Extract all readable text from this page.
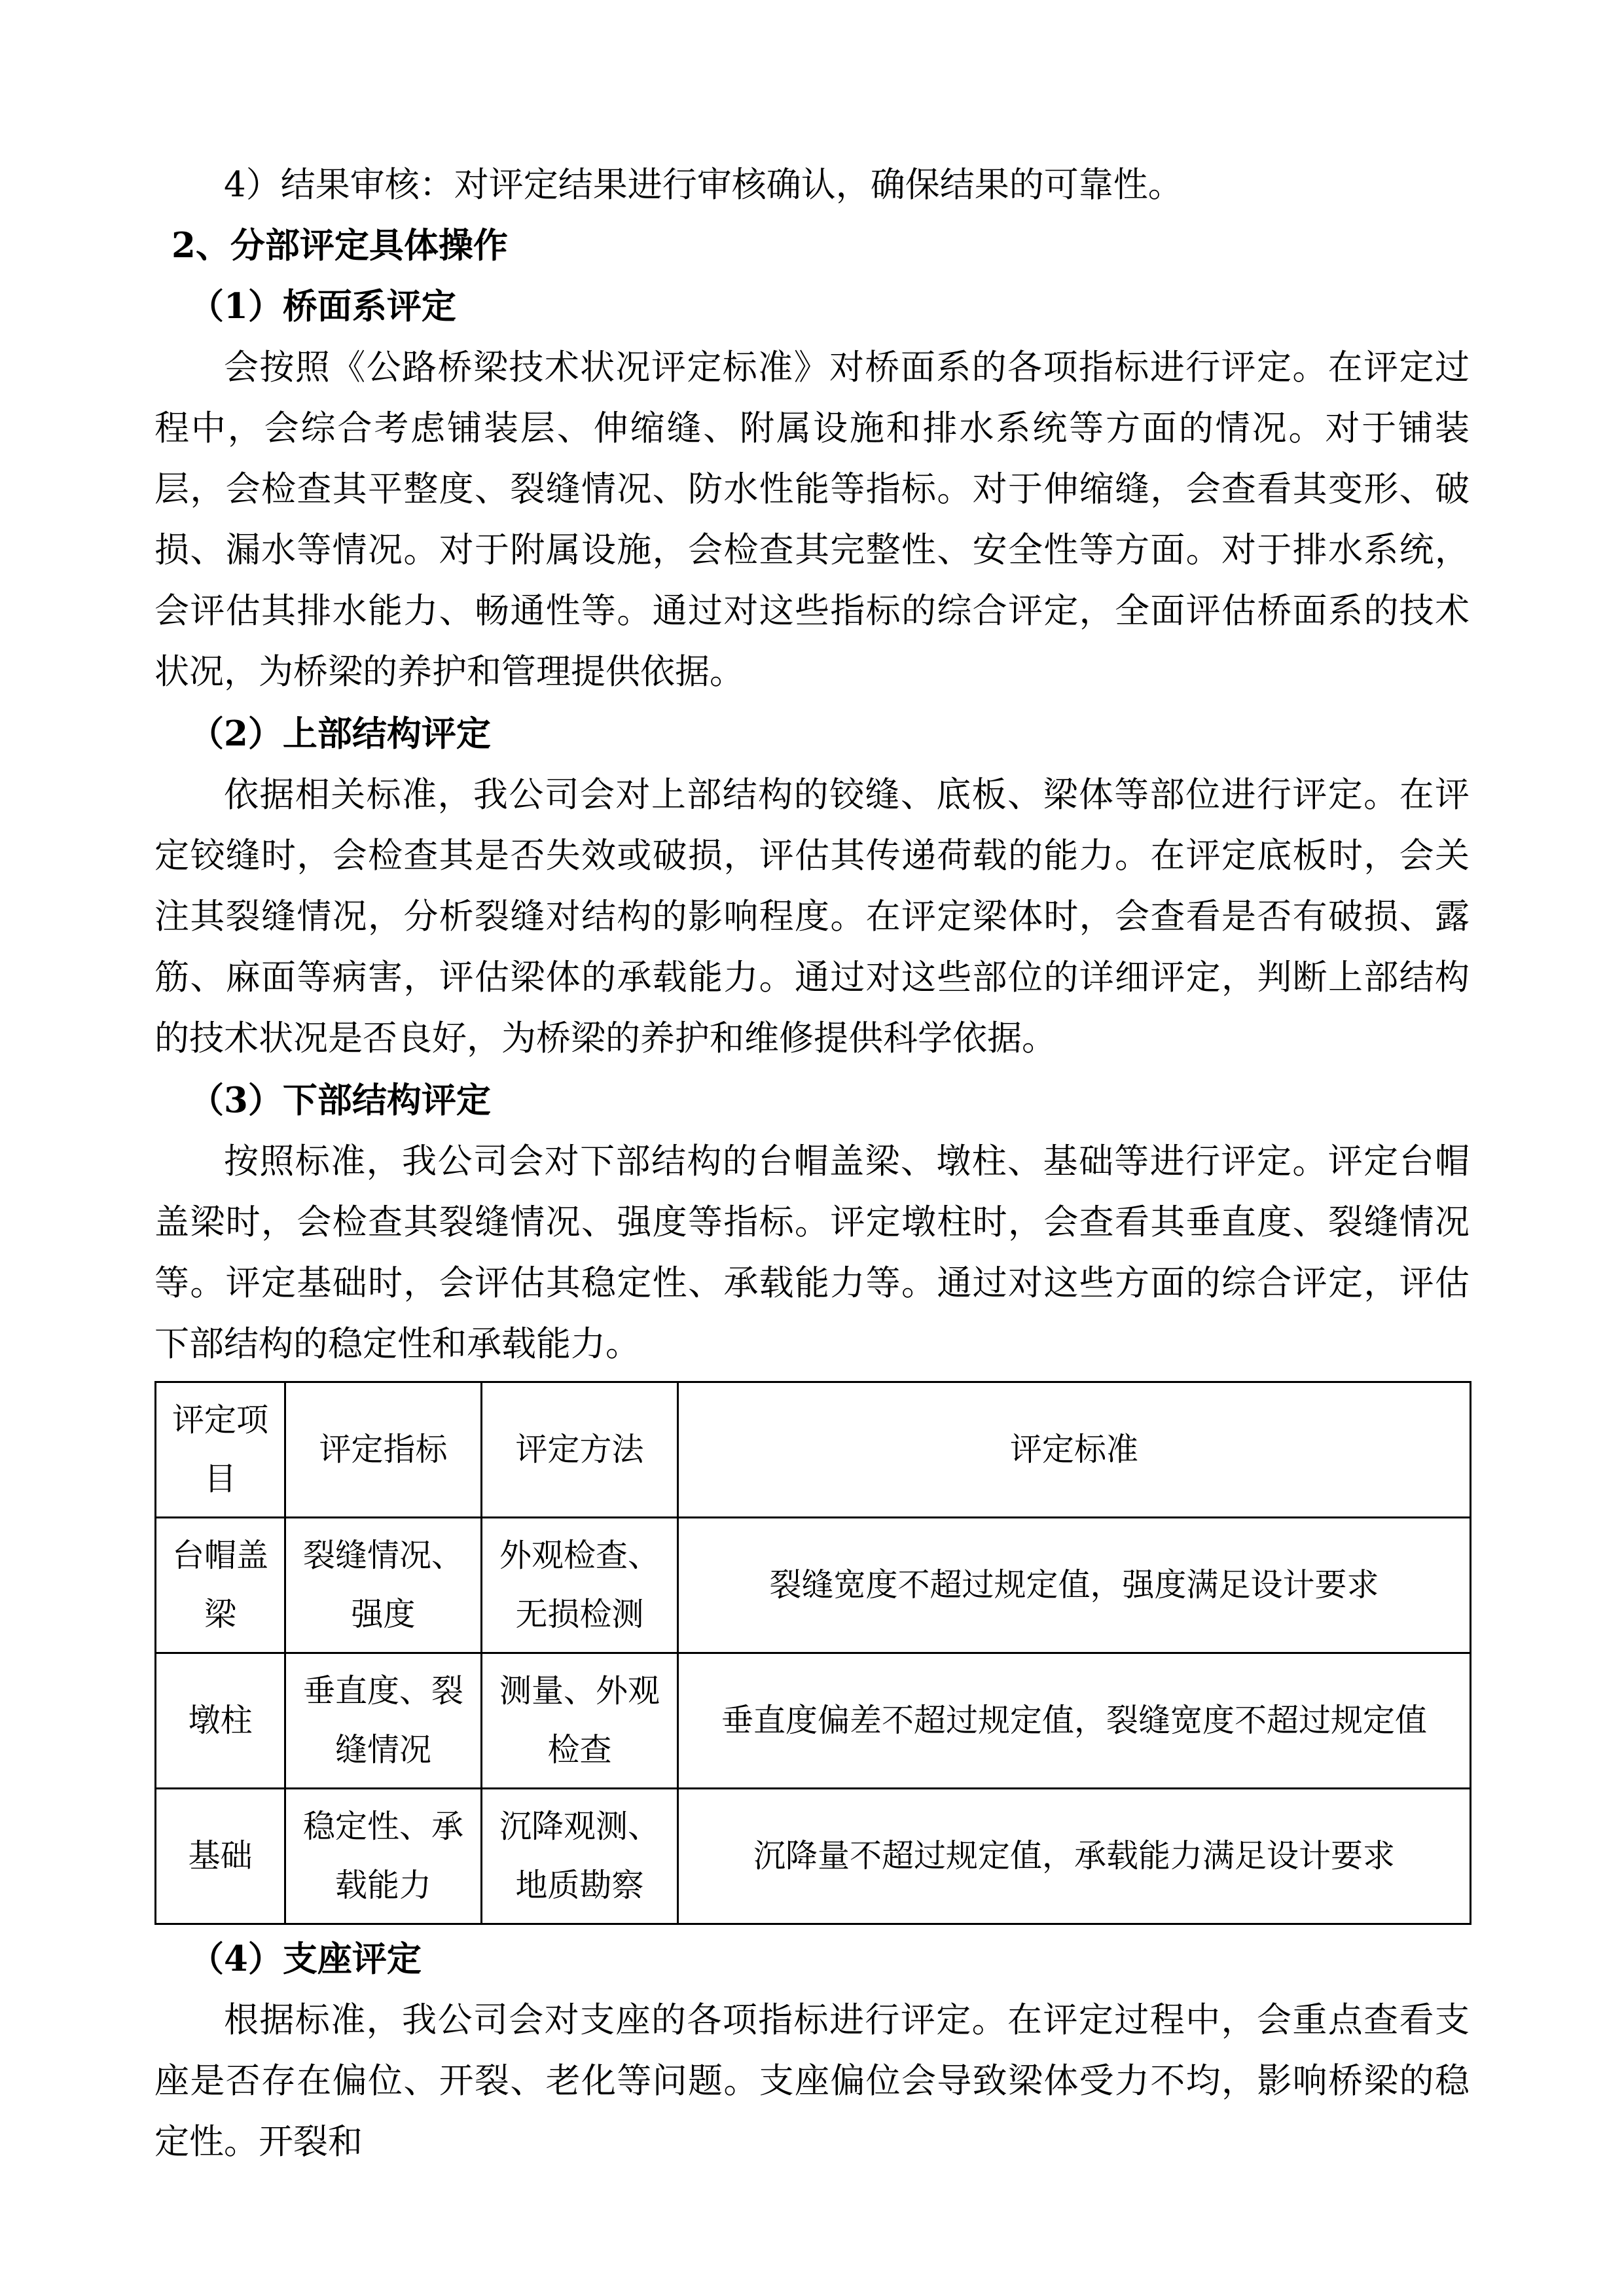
4）结果审核：对评定结果进行审核确认，确保结果的可靠性。

2、分部评定具体操作

（1）桥面系评定

会按照《公路桥梁技术状况评定标准》对桥面系的各项指标进行评定。在评定过程中，会综合考虑铺装层、伸缩缝、附属设施和排水系统等方面的情况。对于铺装层，会检查其平整度、裂缝情况、防水性能等指标。对于伸缩缝，会查看其变形、破损、漏水等情况。对于附属设施，会检查其完整性、安全性等方面。对于排水系统，会评估其排水能力、畅通性等。通过对这些指标的综合评定，全面评估桥面系的技术状况，为桥梁的养护和管理提供依据。

（2）上部结构评定

依据相关标准，我公司会对上部结构的铰缝、底板、梁体等部位进行评定。在评定铰缝时，会检查其是否失效或破损，评估其传递荷载的能力。在评定底板时，会关注其裂缝情况，分析裂缝对结构的影响程度。在评定梁体时，会查看是否有破损、露筋、麻面等病害，评估梁体的承载能力。通过对这些部位的详细评定，判断上部结构的技术状况是否良好，为桥梁的养护和维修提供科学依据。

（3）下部结构评定

按照标准，我公司会对下部结构的台帽盖梁、墩柱、基础等进行评定。评定台帽盖梁时，会检查其裂缝情况、强度等指标。评定墩柱时，会查看其垂直度、裂缝情况等。评定基础时，会评估其稳定性、承载能力等。通过对这些方面的综合评定，评估下部结构的稳定性和承载能力。

评定项目	评定指标	评定方法	评定标准
台帽盖梁	裂缝情况、强度	外观检查、无损检测	裂缝宽度不超过规定值，强度满足设计要求
墩柱	垂直度、裂缝情况	测量、外观检查	垂直度偏差不超过规定值，裂缝宽度不超过规定值
基础	稳定性、承载能力	沉降观测、地质勘察	沉降量不超过规定值，承载能力满足设计要求

（4）支座评定

根据标准，我公司会对支座的各项指标进行评定。在评定过程中，会重点查看支座是否存在偏位、开裂、老化等问题。支座偏位会导致梁体受力不均，影响桥梁的稳定性。开裂和
